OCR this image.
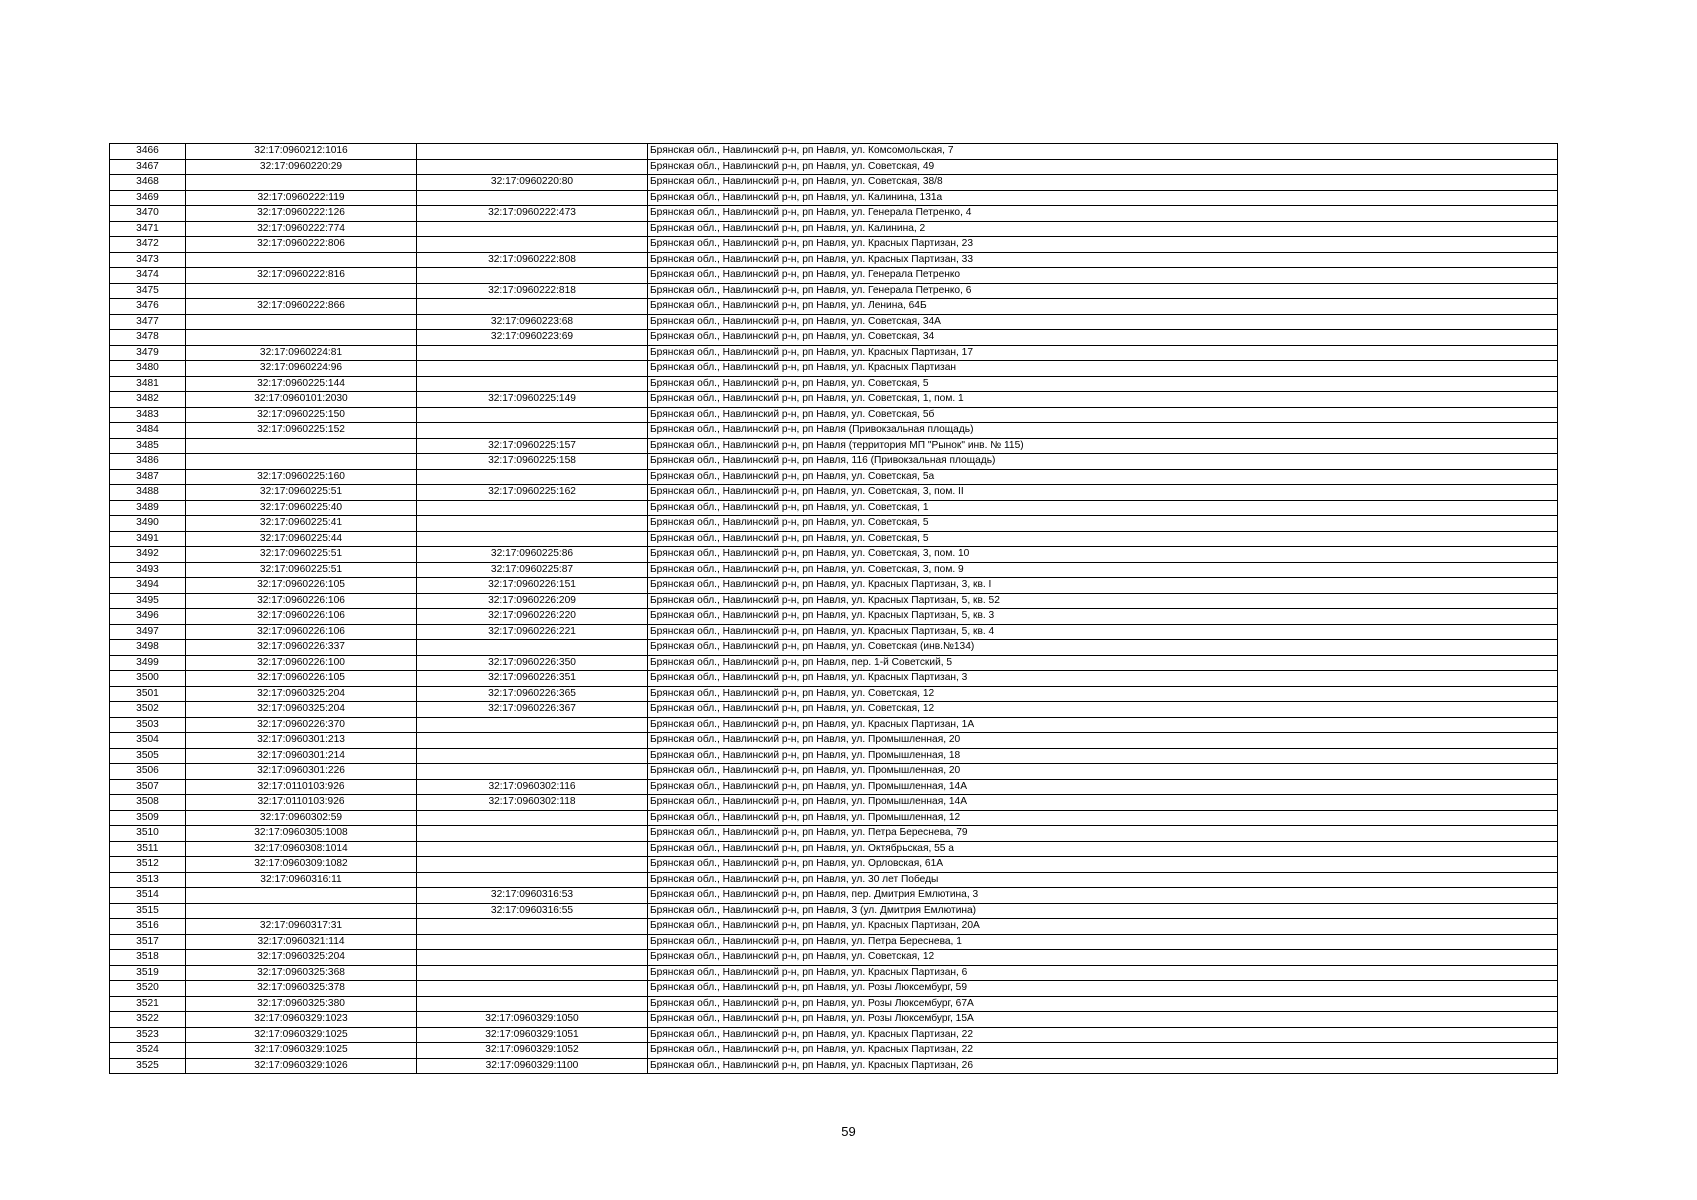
3466	32:17:0960212:1016		Брянская обл., Навлинский р-н, рп Навля, ул. Комсомольская, 7
3467	32:17:0960220:29		Брянская обл., Навлинский р-н, рп Навля, ул. Советская, 49
3468		32:17:0960220:80	Брянская обл., Навлинский р-н, рп Навля, ул. Советская, 38/8
3469	32:17:0960222:119		Брянская обл., Навлинский р-н, рп Навля, ул. Калинина, 131а
3470	32:17:0960222:126	32:17:0960222:473	Брянская обл., Навлинский р-н, рп Навля, ул. Генерала Петренко, 4
3471	32:17:0960222:774		Брянская обл., Навлинский р-н, рп Навля, ул. Калинина, 2
3472	32:17:0960222:806		Брянская обл., Навлинский р-н, рп Навля, ул. Красных Партизан, 23
3473		32:17:0960222:808	Брянская обл., Навлинский р-н, рп Навля, ул. Красных Партизан, 33
3474	32:17:0960222:816		Брянская обл., Навлинский р-н, рп Навля, ул. Генерала Петренко
3475		32:17:0960222:818	Брянская обл., Навлинский р-н, рп Навля, ул. Генерала Петренко, 6
3476	32:17:0960222:866		Брянская обл., Навлинский р-н, рп Навля, ул. Ленина, 64Б
3477		32:17:0960223:68	Брянская обл., Навлинский р-н, рп Навля, ул. Советская, 34А
3478		32:17:0960223:69	Брянская обл., Навлинский р-н, рп Навля, ул. Советская, 34
3479	32:17:0960224:81		Брянская обл., Навлинский р-н, рп Навля, ул. Красных Партизан, 17
3480	32:17:0960224:96		Брянская обл., Навлинский р-н, рп Навля, ул. Красных Партизан
3481	32:17:0960225:144		Брянская обл., Навлинский р-н, рп Навля, ул. Советская, 5
3482	32:17:0960101:2030	32:17:0960225:149	Брянская обл., Навлинский р-н, рп Навля, ул. Советская, 1, пом. 1
3483	32:17:0960225:150		Брянская обл., Навлинский р-н, рп Навля, ул. Советская, 5б
3484	32:17:0960225:152		Брянская обл., Навлинский р-н, рп Навля (Привокзальная площадь)
3485		32:17:0960225:157	Брянская обл., Навлинский р-н, рп Навля (территория МП "Рынок" инв. № 115)
3486		32:17:0960225:158	Брянская обл., Навлинский р-н, рп Навля, 116 (Привокзальная площадь)
3487	32:17:0960225:160		Брянская обл., Навлинский р-н, рп Навля, ул. Советская, 5а
3488	32:17:0960225:51	32:17:0960225:162	Брянская обл., Навлинский р-н, рп Навля, ул. Советская, 3, пом. II
3489	32:17:0960225:40		Брянская обл., Навлинский р-н, рп Навля, ул. Советская, 1
3490	32:17:0960225:41		Брянская обл., Навлинский р-н, рп Навля, ул. Советская, 5
3491	32:17:0960225:44		Брянская обл., Навлинский р-н, рп Навля, ул. Советская, 5
3492	32:17:0960225:51	32:17:0960225:86	Брянская обл., Навлинский р-н, рп Навля, ул. Советская, 3, пом. 10
3493	32:17:0960225:51	32:17:0960225:87	Брянская обл., Навлинский р-н, рп Навля, ул. Советская, 3, пом. 9
3494	32:17:0960226:105	32:17:0960226:151	Брянская обл., Навлинский р-н, рп Навля, ул. Красных Партизан, 3, кв. I
3495	32:17:0960226:106	32:17:0960226:209	Брянская обл., Навлинский р-н, рп Навля, ул. Красных Партизан, 5, кв. 52
3496	32:17:0960226:106	32:17:0960226:220	Брянская обл., Навлинский р-н, рп Навля, ул. Красных Партизан, 5, кв. 3
3497	32:17:0960226:106	32:17:0960226:221	Брянская обл., Навлинский р-н, рп Навля, ул. Красных Партизан, 5, кв. 4
3498	32:17:0960226:337		Брянская обл., Навлинский р-н, рп Навля, ул. Советская (инв.№134)
3499	32:17:0960226:100	32:17:0960226:350	Брянская обл., Навлинский р-н, рп Навля, пер. 1-й Советский, 5
3500	32:17:0960226:105	32:17:0960226:351	Брянская обл., Навлинский р-н, рп Навля, ул. Красных Партизан, 3
3501	32:17:0960325:204	32:17:0960226:365	Брянская обл., Навлинский р-н, рп Навля, ул. Советская, 12
3502	32:17:0960325:204	32:17:0960226:367	Брянская обл., Навлинский р-н, рп Навля, ул. Советская, 12
3503	32:17:0960226:370		Брянская обл., Навлинский р-н, рп Навля, ул. Красных Партизан, 1А
3504	32:17:0960301:213		Брянская обл., Навлинский р-н, рп Навля, ул. Промышленная, 20
3505	32:17:0960301:214		Брянская обл., Навлинский р-н, рп Навля, ул. Промышленная, 18
3506	32:17:0960301:226		Брянская обл., Навлинский р-н, рп Навля, ул. Промышленная, 20
3507	32:17:0110103:926	32:17:0960302:116	Брянская обл., Навлинский р-н, рп Навля, ул. Промышленная, 14А
3508	32:17:0110103:926	32:17:0960302:118	Брянская обл., Навлинский р-н, рп Навля, ул. Промышленная, 14А
3509	32:17:0960302:59		Брянская обл., Навлинский р-н, рп Навля, ул. Промышленная, 12
3510	32:17:0960305:1008		Брянская обл., Навлинский р-н, рп Навля, ул. Петра Береснева, 79
3511	32:17:0960308:1014		Брянская обл., Навлинский р-н, рп Навля, ул. Октябрьская, 55 а
3512	32:17:0960309:1082		Брянская обл., Навлинский р-н, рп Навля, ул. Орловская, 61А
3513	32:17:0960316:11		Брянская обл., Навлинский р-н, рп Навля, ул. 30 лет Победы
3514		32:17:0960316:53	Брянская обл., Навлинский р-н, рп Навля, пер. Дмитрия Емлютина, 3
3515		32:17:0960316:55	Брянская обл., Навлинский р-н, рп Навля, 3 (ул. Дмитрия Емлютина)
3516	32:17:0960317:31		Брянская обл., Навлинский р-н, рп Навля, ул. Красных Партизан, 20А
3517	32:17:0960321:114		Брянская обл., Навлинский р-н, рп Навля, ул. Петра Береснева, 1
3518	32:17:0960325:204		Брянская обл., Навлинский р-н, рп Навля, ул. Советская, 12
3519	32:17:0960325:368		Брянская обл., Навлинский р-н, рп Навля, ул. Красных Партизан, 6
3520	32:17:0960325:378		Брянская обл., Навлинский р-н, рп Навля, ул. Розы Люксембург, 59
3521	32:17:0960325:380		Брянская обл., Навлинский р-н, рп Навля, ул. Розы Люксембург, 67А
3522	32:17:0960329:1023	32:17:0960329:1050	Брянская обл., Навлинский р-н, рп Навля, ул. Розы Люксембург, 15А
3523	32:17:0960329:1025	32:17:0960329:1051	Брянская обл., Навлинский р-н, рп Навля, ул. Красных Партизан, 22
3524	32:17:0960329:1025	32:17:0960329:1052	Брянская обл., Навлинский р-н, рп Навля, ул. Красных Партизан, 22
3525	32:17:0960329:1026	32:17:0960329:1100	Брянская обл., Навлинский р-н, рп Навля, ул. Красных Партизан, 26
59
